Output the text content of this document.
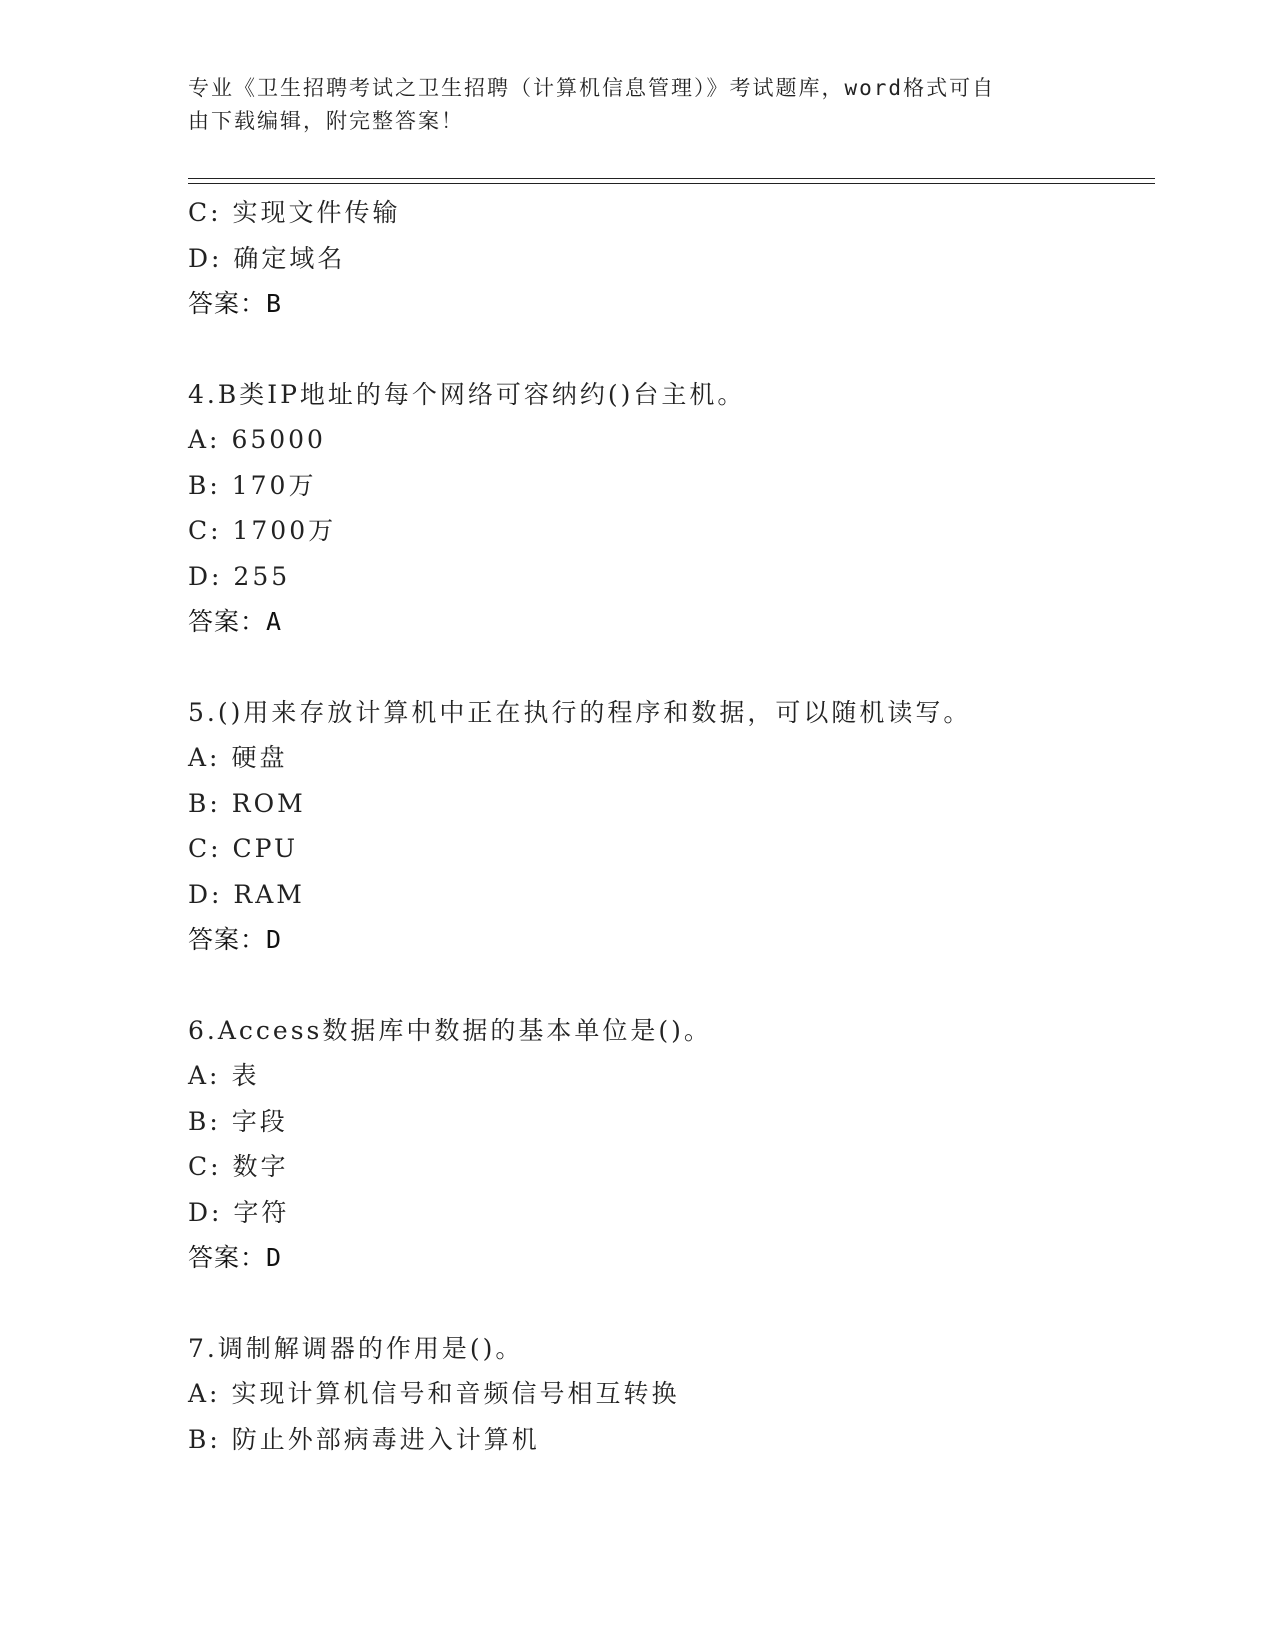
专业《卫生招聘考试之卫生招聘（计算机信息管理）》考试题库，word格式可自
由下载编辑，附完整答案！
C: 实现文件传输
D: 确定域名
答案：B
4.B类IP地址的每个网络可容纳约()台主机。
A: 65000
B: 170万
C: 1700万
D: 255
答案：A
5.()用来存放计算机中正在执行的程序和数据，可以随机读写。
A: 硬盘
B: ROM
C: CPU
D: RAM
答案：D
6.Access数据库中数据的基本单位是()。
A: 表
B: 字段
C: 数字
D: 字符
答案：D
7.调制解调器的作用是()。
A: 实现计算机信号和音频信号相互转换
B: 防止外部病毒进入计算机
